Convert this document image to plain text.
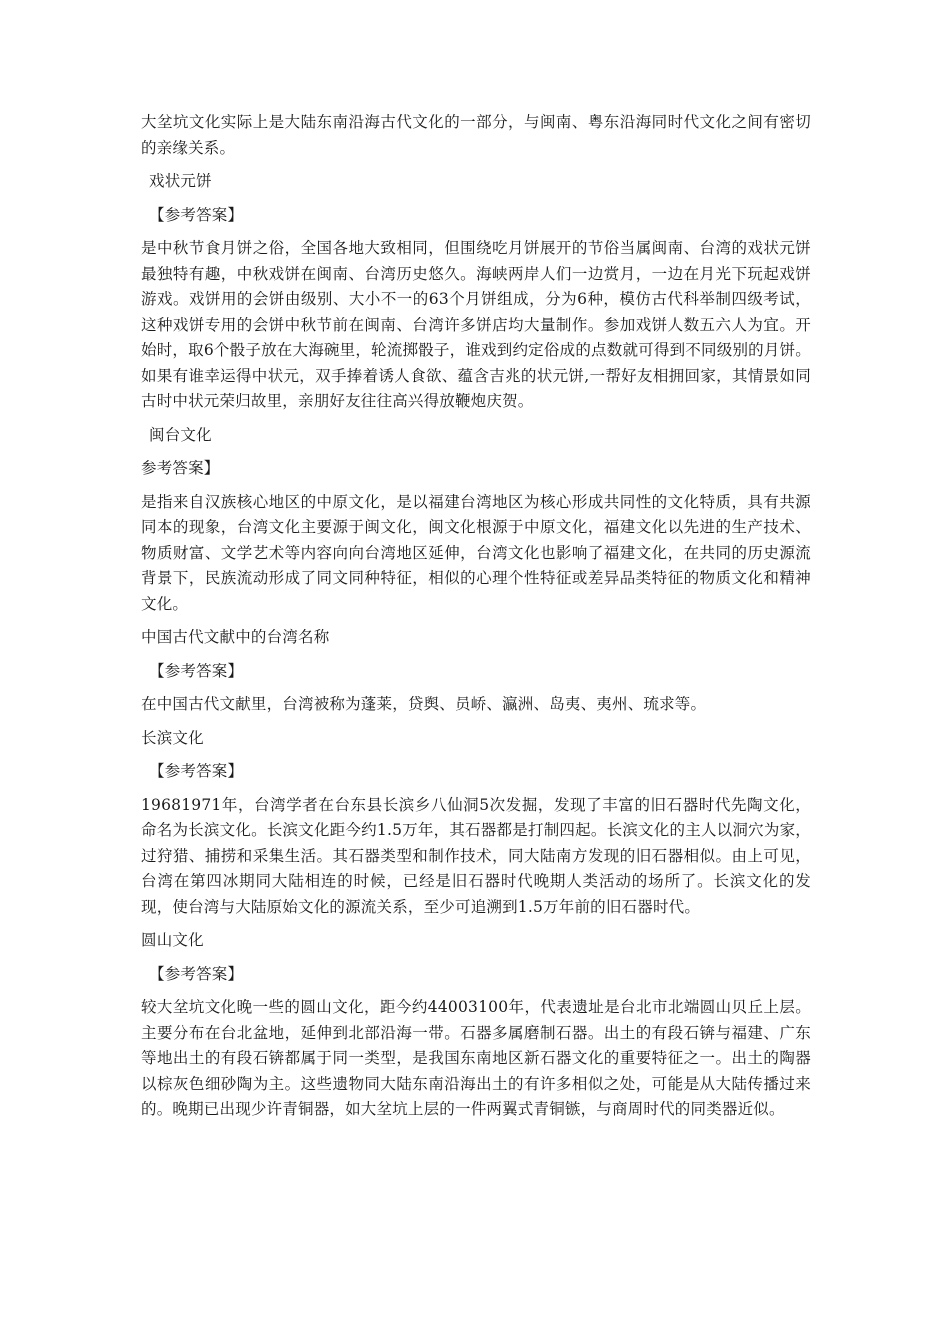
大坌坑文化实际上是大陆东南沿海古代文化的一部分，与闽南、粤东沿海同时代文化之间有密切的亲缘关系。

戏状元饼

【参考答案】

是中秋节食月饼之俗，全国各地大致相同，但围绕吃月饼展开的节俗当属闽南、台湾的戏状元饼最独特有趣，中秋戏饼在闽南、台湾历史悠久。海峡两岸人们一边赏月，一边在月光下玩起戏饼游戏。戏饼用的会饼由级别、大小不一的63个月饼组成，分为6种，模仿古代科举制四级考试，这种戏饼专用的会饼中秋节前在闽南、台湾许多饼店均大量制作。参加戏饼人数五六人为宜。开始时，取6个骰子放在大海碗里，轮流掷骰子，谁戏到约定俗成的点数就可得到不同级别的月饼。如果有谁幸运得中状元，双手捧着诱人食欲、蕴含吉兆的状元饼,一帮好友相拥回家，其情景如同古时中状元荣归故里，亲朋好友往往高兴得放鞭炮庆贺。

闽台文化

参考答案】

是指来自汉族核心地区的中原文化，是以福建台湾地区为核心形成共同性的文化特质，具有共源同本的现象，台湾文化主要源于闽文化，闽文化根源于中原文化，福建文化以先进的生产技术、物质财富、文学艺术等内容向向台湾地区延伸，台湾文化也影响了福建文化，在共同的历史源流背景下，民族流动形成了同文同种特征，相似的心理个性特征或差异品类特征的物质文化和精神文化。

中国古代文献中的台湾名称

【参考答案】

在中国古代文献里，台湾被称为蓬莱，贷舆、员峤、瀛洲、岛夷、夷州、琉求等。

长滨文化

【参考答案】

19681971年，台湾学者在台东县长滨乡八仙洞5次发掘，发现了丰富的旧石器时代先陶文化，命名为长滨文化。长滨文化距今约1.5万年，其石器都是打制四起。长滨文化的主人以洞穴为家，过狩猎、捕捞和采集生活。其石器类型和制作技术，同大陆南方发现的旧石器相似。由上可见，台湾在第四冰期同大陆相连的时候，已经是旧石器时代晚期人类活动的场所了。长滨文化的发现，使台湾与大陆原始文化的源流关系，至少可追溯到1.5万年前的旧石器时代。

圆山文化

【参考答案】

较大坌坑文化晚一些的圆山文化，距今约44003100年，代表遗址是台北市北端圆山贝丘上层。主要分布在台北盆地，延伸到北部沿海一带。石器多属磨制石器。出土的有段石锛与福建、广东等地出土的有段石锛都属于同一类型，是我国东南地区新石器文化的重要特征之一。出土的陶器以棕灰色细砂陶为主。这些遗物同大陆东南沿海出土的有许多相似之处，可能是从大陆传播过来的。晚期已出现少许青铜器，如大坌坑上层的一件两翼式青铜镞，与商周时代的同类器近似。
